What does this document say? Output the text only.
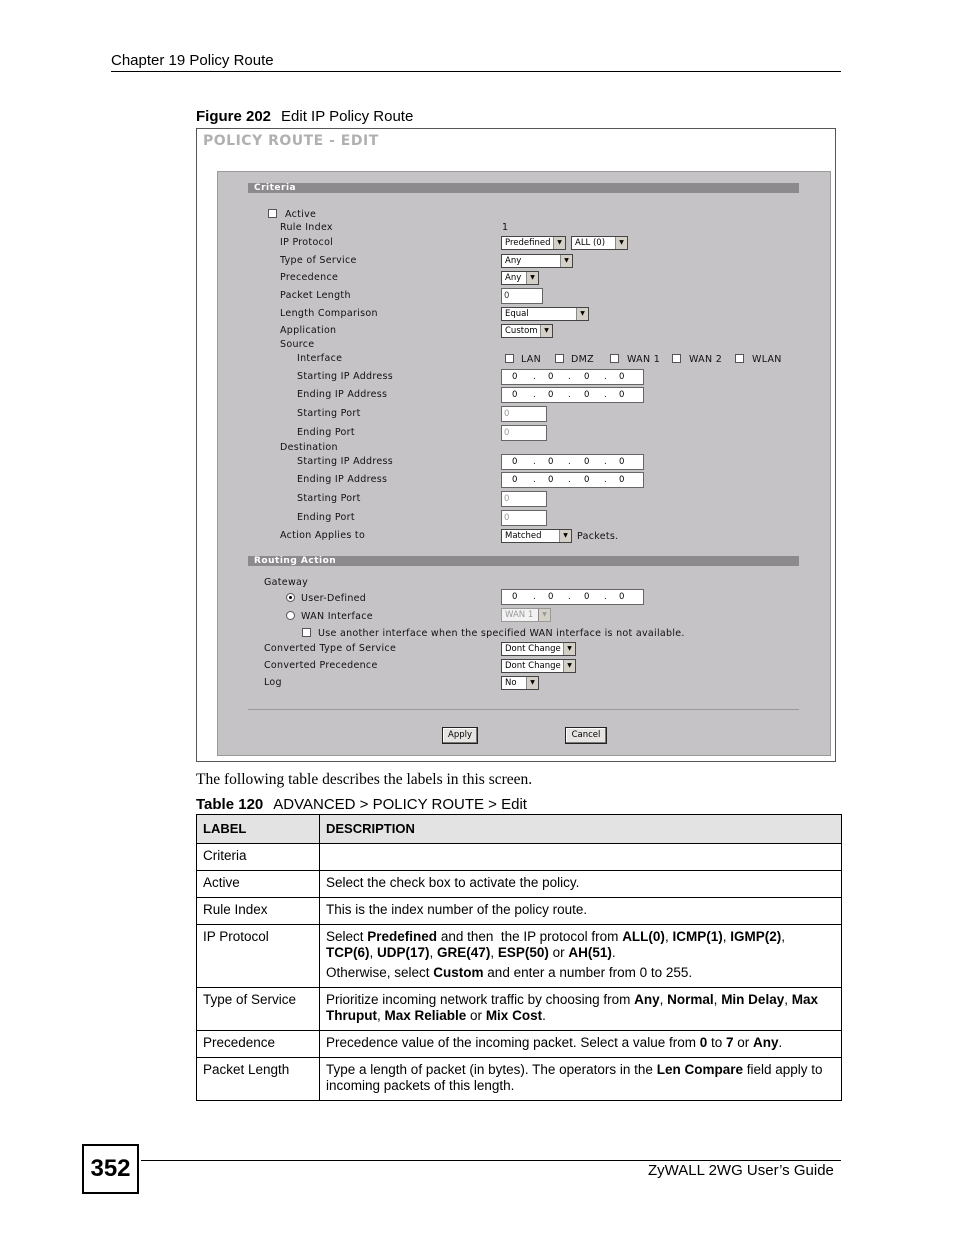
Chapter 19 Policy Route
Figure 202 Edit IP Policy Route
POLICY ROUTE - EDIT
Criteria
Active
Rule Index	1
IP Protocol	Predefined	▼	ALL (0)	▼
Type of Service	Any	▼
Precedence	Any	▼
Packet Length	0
Length Comparison	Equal	▼
Application	Custom	▼
Source
Interface	LAN	DMZ	WAN 1	WAN 2	WLAN
Starting IP Address	0 . 0 . 0 . 0
Ending IP Address	0 . 0 . 0 . 0
Starting Port	0
Ending Port	0
Destination
Starting IP Address	0 . 0 . 0 . 0
Ending IP Address	0 . 0 . 0 . 0
Starting Port	0
Ending Port	0
Action Applies to	Matched	▼ Packets.
Routing Action
Gateway
User-Defined	0 . 0 . 0 . 0
WAN Interface	WAN 1	▼
Use another interface when the specified WAN interface is not available.
Converted Type of Service	Dont Change	▼
Converted Precedence	Dont Change	▼
Log	No	▼
Apply	Cancel
The following table describes the labels in this screen.
Table 120 ADVANCED > POLICY ROUTE > Edit
LABEL	DESCRIPTION
Criteria	
Active	Select the check box to activate the policy.
Rule Index	This is the index number of the policy route.
IP Protocol	Select Predefined and then  the IP protocol from ALL(0), ICMP(1), IGMP(2), TCP(6), UDP(17), GRE(47), ESP(50) or AH(51).

Otherwise, select Custom and enter a number from 0 to 255.

Type of Service	Prioritize incoming network traffic by choosing from Any, Normal, Min Delay, Max Thruput, Max Reliable or Mix Cost.
Precedence	Precedence value of the incoming packet. Select a value from 0 to 7 or Any.
Packet Length	Type a length of packet (in bytes). The operators in the Len Compare field apply to incoming packets of this length.
352	ZyWALL 2WG User’s Guide
